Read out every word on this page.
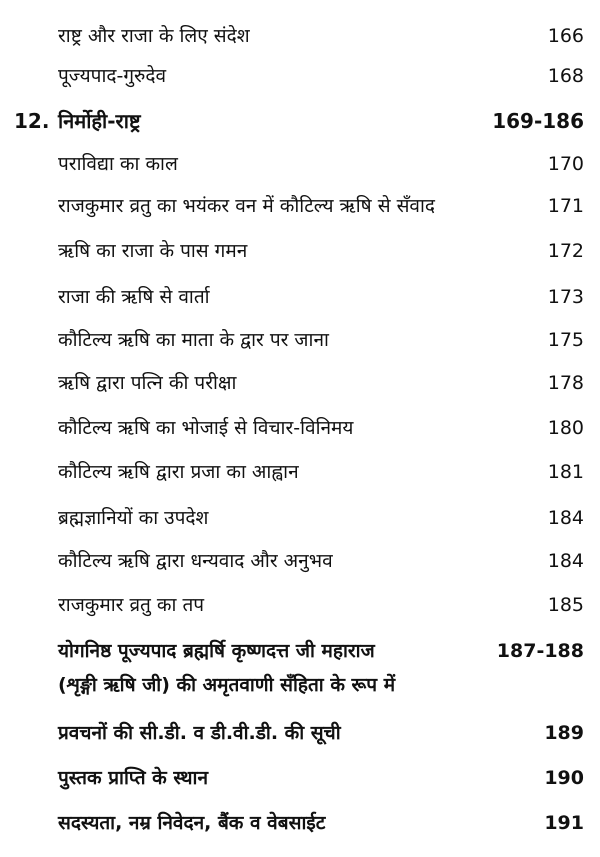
राष्ट्र और राजा के लिए संदेश	166
पूज्यपाद-गुरुदेव	168
12. निर्मोही-राष्ट्र	169-186
पराविद्या का काल	170
राजकुमार व्रतु का भयंकर वन में कौटिल्य ऋषि से सँवाद	171
ऋषि का राजा के पास गमन	172
राजा की ऋषि से वार्ता	173
कौटिल्य ऋषि का माता के द्वार पर जाना	175
ऋषि द्वारा पत्नि की परीक्षा	178
कौटिल्य ऋषि का भोजाई से विचार-विनिमय	180
कौटिल्य ऋषि द्वारा प्रजा का आह्वान	181
ब्रह्मज्ञानियों का उपदेश	184
कौटिल्य ऋषि द्वारा धन्यवाद और अनुभव	184
राजकुमार व्रतु का तप	185
योगनिष्ठ पूज्यपाद ब्रह्मर्षि कृष्णदत्त जी महाराज	187-188
(शृङ्गी ऋषि जी) की अमृतवाणी सँहिता के रूप में
प्रवचनों की सी.डी. व डी.वी.डी. की सूची	189
पुस्तक प्राप्ति के स्थान	190
सदस्यता, नम्र निवेदन, बैंक व वेबसाईट	191
